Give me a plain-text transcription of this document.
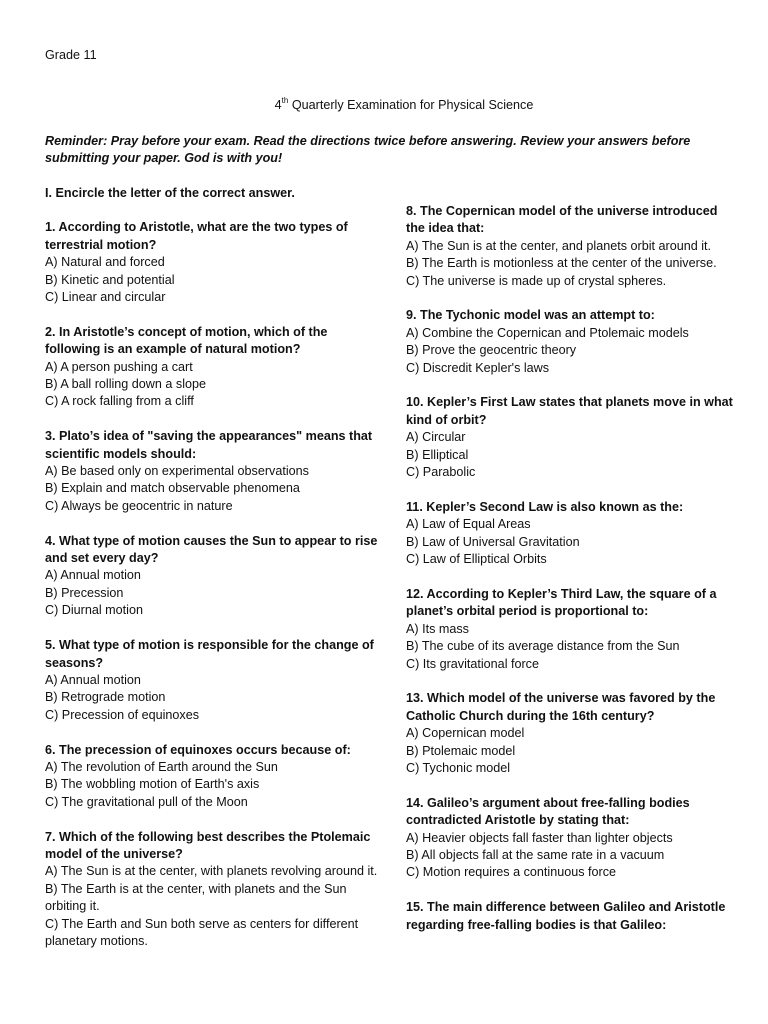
Grade 11
4th Quarterly Examination for Physical Science
Reminder: Pray before your exam. Read the directions twice before answering. Review your answers before submitting your paper. God is with you!
I. Encircle the letter of the correct answer.
1. According to Aristotle, what are the two types of terrestrial motion?
A) Natural and forced
B) Kinetic and potential
C) Linear and circular
2. In Aristotle’s concept of motion, which of the following is an example of natural motion?
A) A person pushing a cart
B) A ball rolling down a slope
C) A rock falling from a cliff
3. Plato’s idea of "saving the appearances" means that scientific models should:
A) Be based only on experimental observations
B) Explain and match observable phenomena
C) Always be geocentric in nature
4. What type of motion causes the Sun to appear to rise and set every day?
A) Annual motion
B) Precession
C) Diurnal motion
5. What type of motion is responsible for the change of seasons?
A) Annual motion
B) Retrograde motion
C) Precession of equinoxes
6. The precession of equinoxes occurs because of:
A) The revolution of Earth around the Sun
B) The wobbling motion of Earth's axis
C) The gravitational pull of the Moon
7. Which of the following best describes the Ptolemaic model of the universe?
A) The Sun is at the center, with planets revolving around it.
B) The Earth is at the center, with planets and the Sun orbiting it.
C) The Earth and Sun both serve as centers for different planetary motions.
8. The Copernican model of the universe introduced the idea that:
A) The Sun is at the center, and planets orbit around it.
B) The Earth is motionless at the center of the universe.
C) The universe is made up of crystal spheres.
9. The Tychonic model was an attempt to:
A) Combine the Copernican and Ptolemaic models
B) Prove the geocentric theory
C) Discredit Kepler's laws
10. Kepler’s First Law states that planets move in what kind of orbit?
A) Circular
B) Elliptical
C) Parabolic
11. Kepler’s Second Law is also known as the:
A) Law of Equal Areas
B) Law of Universal Gravitation
C) Law of Elliptical Orbits
12. According to Kepler’s Third Law, the square of a planet’s orbital period is proportional to:
A) Its mass
B) The cube of its average distance from the Sun
C) Its gravitational force
13. Which model of the universe was favored by the Catholic Church during the 16th century?
A) Copernican model
B) Ptolemaic model
C) Tychonic model
14. Galileo’s argument about free-falling bodies contradicted Aristotle by stating that:
A) Heavier objects fall faster than lighter objects
B) All objects fall at the same rate in a vacuum
C) Motion requires a continuous force
15. The main difference between Galileo and Aristotle regarding free-falling bodies is that Galileo:
